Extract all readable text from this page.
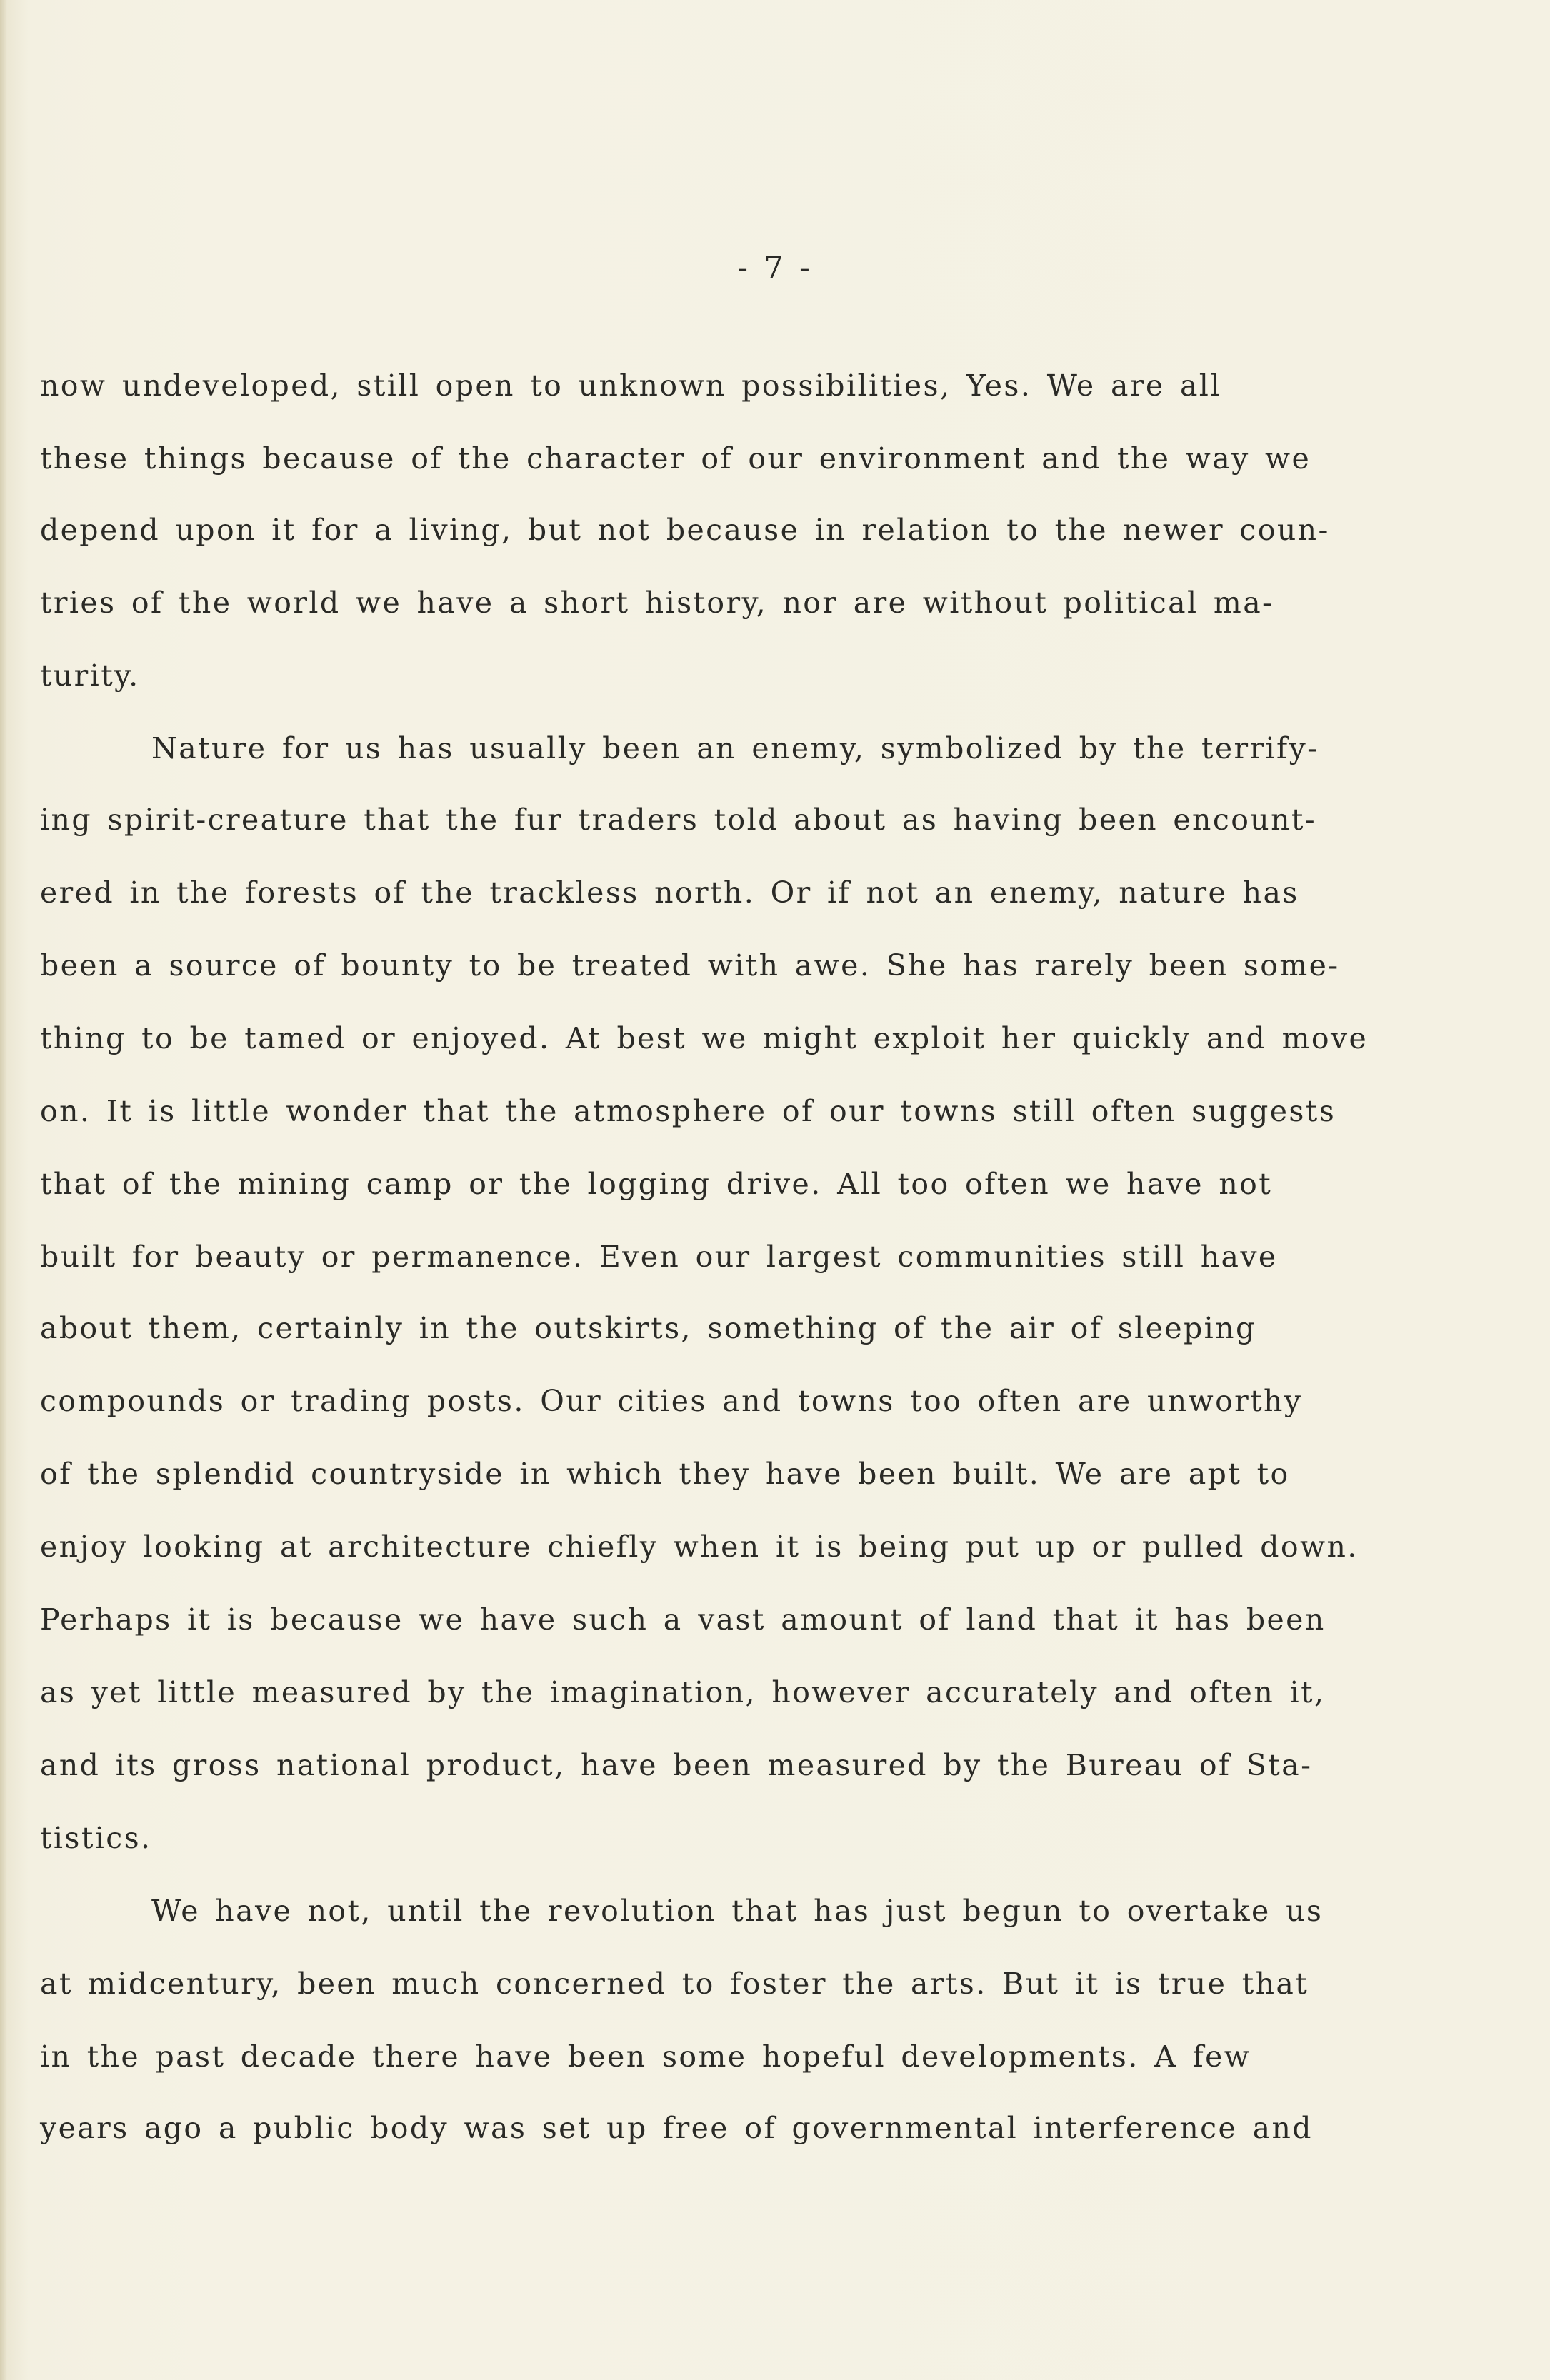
- 7 -
now undeveloped, still open to unknown possibilities, Yes. We are all
these things because of the character of our environment and the way we
depend upon it for a living, but not because in relation to the newer coun-
tries of the world we have a short history, nor are without political ma-
turity.
Nature for us has usually been an enemy, symbolized by the terrify-
ing spirit-creature that the fur traders told about as having been encount-
ered in the forests of the trackless north. Or if not an enemy, nature has
been a source of bounty to be treated with awe. She has rarely been some-
thing to be tamed or enjoyed. At best we might exploit her quickly and move
on. It is little wonder that the atmosphere of our towns still often suggests
that of the mining camp or the logging drive. All too often we have not
built for beauty or permanence. Even our largest communities still have
about them, certainly in the outskirts, something of the air of sleeping
compounds or trading posts. Our cities and towns too often are unworthy
of the splendid countryside in which they have been built. We are apt to
enjoy looking at architecture chiefly when it is being put up or pulled down.
Perhaps it is because we have such a vast amount of land that it has been
as yet little measured by the imagination, however accurately and often it,
and its gross national product, have been measured by the Bureau of Sta-
tistics.
We have not, until the revolution that has just begun to overtake us
at midcentury, been much concerned to foster the arts. But it is true that
in the past decade there have been some hopeful developments. A few
years ago a public body was set up free of governmental interference and
